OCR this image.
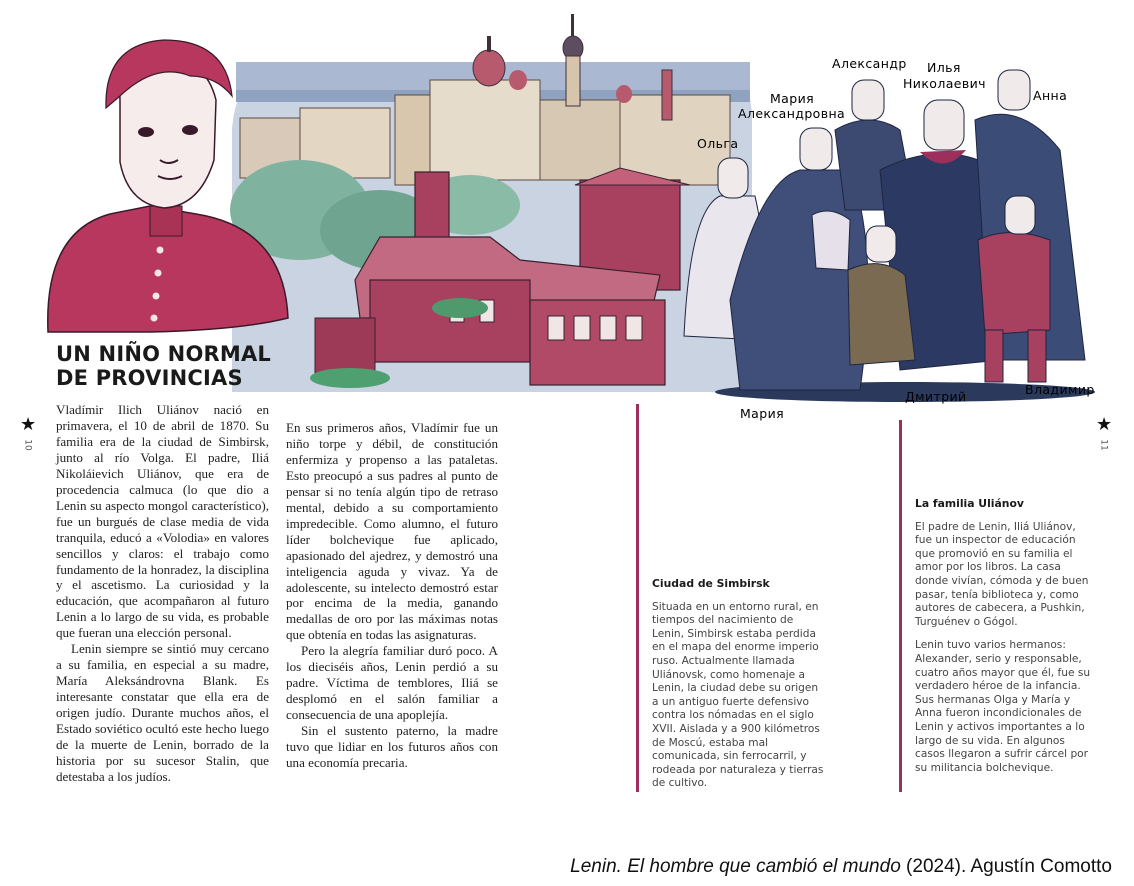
Мария
Александровна
Александр Илья
Николаевич
Анна
Ольга
Мария
Дмитрий	Владимир
UN NIÑO NORMAL
DE PROVINCIAS
★
10
★
11

Vladímir Ilich Uliánov nació en primavera, el 10 de abril de 1870. Su familia era de la ciudad de Simbirsk, junto al río Volga. El padre, Iliá Nikoláievich Uliánov, que era de procedencia calmuca (lo que dio a Lenin su aspecto mongol característico), fue un burgués de clase media de vida tranquila, educó a «Volodia» en valores sencillos y claros: el trabajo como fundamento de la honradez, la disciplina y el ascetismo. La curiosidad y la educación, que acompañaron al futuro Lenin a lo largo de su vida, es probable que fueran una elección personal.

Lenin siempre se sintió muy cercano a su familia, en especial a su madre, María Aleksándrovna Blank. Es interesante constatar que ella era de origen judío. Durante muchos años, el Estado soviético ocultó este hecho luego de la muerte de Lenin, borrado de la historia por su sucesor Stalin, que detestaba a los judíos.

En sus primeros años, Vladímir fue un niño torpe y débil, de constitución enfermiza y propenso a las pataletas. Esto preocupó a sus padres al punto de pensar si no tenía algún tipo de retraso mental, debido a su comportamiento impredecible. Como alumno, el futuro líder bolchevique fue aplicado, apasionado del ajedrez, y demostró una inteligencia aguda y vivaz. Ya de adolescente, su intelecto demostró estar por encima de la media, ganando medallas de oro por las máximas notas que obtenía en todas las asignaturas.

Pero la alegría familiar duró poco. A los dieciséis años, Lenin perdió a su padre. Víctima de temblores, Iliá se desplomó en el salón familiar a consecuencia de una apoplejía.

Sin el sustento paterno, la madre tuvo que lidiar en los futuros años con una economía precaria.

Ciudad de Simbirsk

Situada en un entorno rural, en tiempos del nacimiento de Lenin, Simbirsk estaba perdida en el mapa del enorme imperio ruso. Actualmente llamada Uliánovsk, como homenaje a Lenin, la ciudad debe su origen a un antiguo fuerte defensivo contra los nómadas en el siglo XVII. Aislada y a 900 kilómetros de Moscú, estaba mal comunicada, sin ferrocarril, y rodeada por naturaleza y tierras de cultivo.

La familia Uliánov

El padre de Lenin, Iliá Uliánov, fue un inspector de educación que promovió en su familia el amor por los libros. La casa donde vivían, cómoda y de buen pasar, tenía biblioteca y, como autores de cabecera, a Pushkin, Turguénev o Gógol.

Lenin tuvo varios hermanos: Alexander, serio y responsable, cuatro años mayor que él, fue su verdadero héroe de la infancia. Sus hermanas Olga y María y Anna fueron incondicionales de Lenin y activos importantes a lo largo de su vida. En algunos casos llegaron a sufrir cárcel por su militancia bolchevique.

Lenin. El hombre que cambió el mundo (2024). Agustín Comotto
